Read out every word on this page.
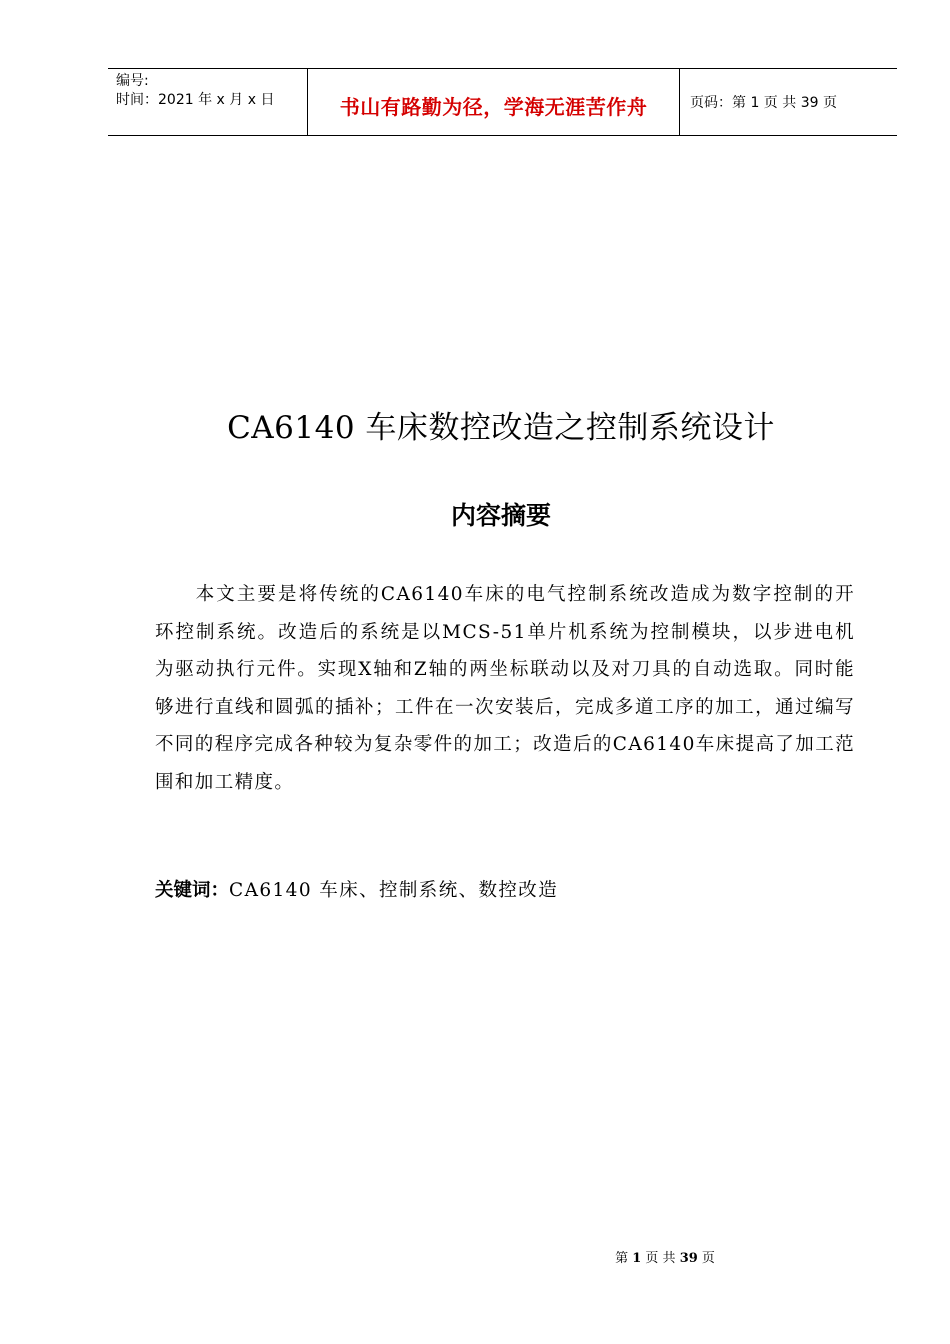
编号:
时间：2021 年 x 月 x 日	书山有路勤为径，学海无涯苦作舟	页码：第 1 页 共 39 页
CA6140 车床数控改造之控制系统设计
内容摘要
本文主要是将传统的CA6140车床的电气控制系统改造成为数字控制的开环控制系统。改造后的系统是以MCS-51单片机系统为控制模块，以步进电机为驱动执行元件。实现X轴和Z轴的两坐标联动以及对刀具的自动选取。同时能够进行直线和圆弧的插补；工件在一次安装后，完成多道工序的加工，通过编写不同的程序完成各种较为复杂零件的加工；改造后的CA6140车床提高了加工范围和加工精度。
关键词：CA6140 车床、控制系统、数控改造
第 1 页 共 39 页
